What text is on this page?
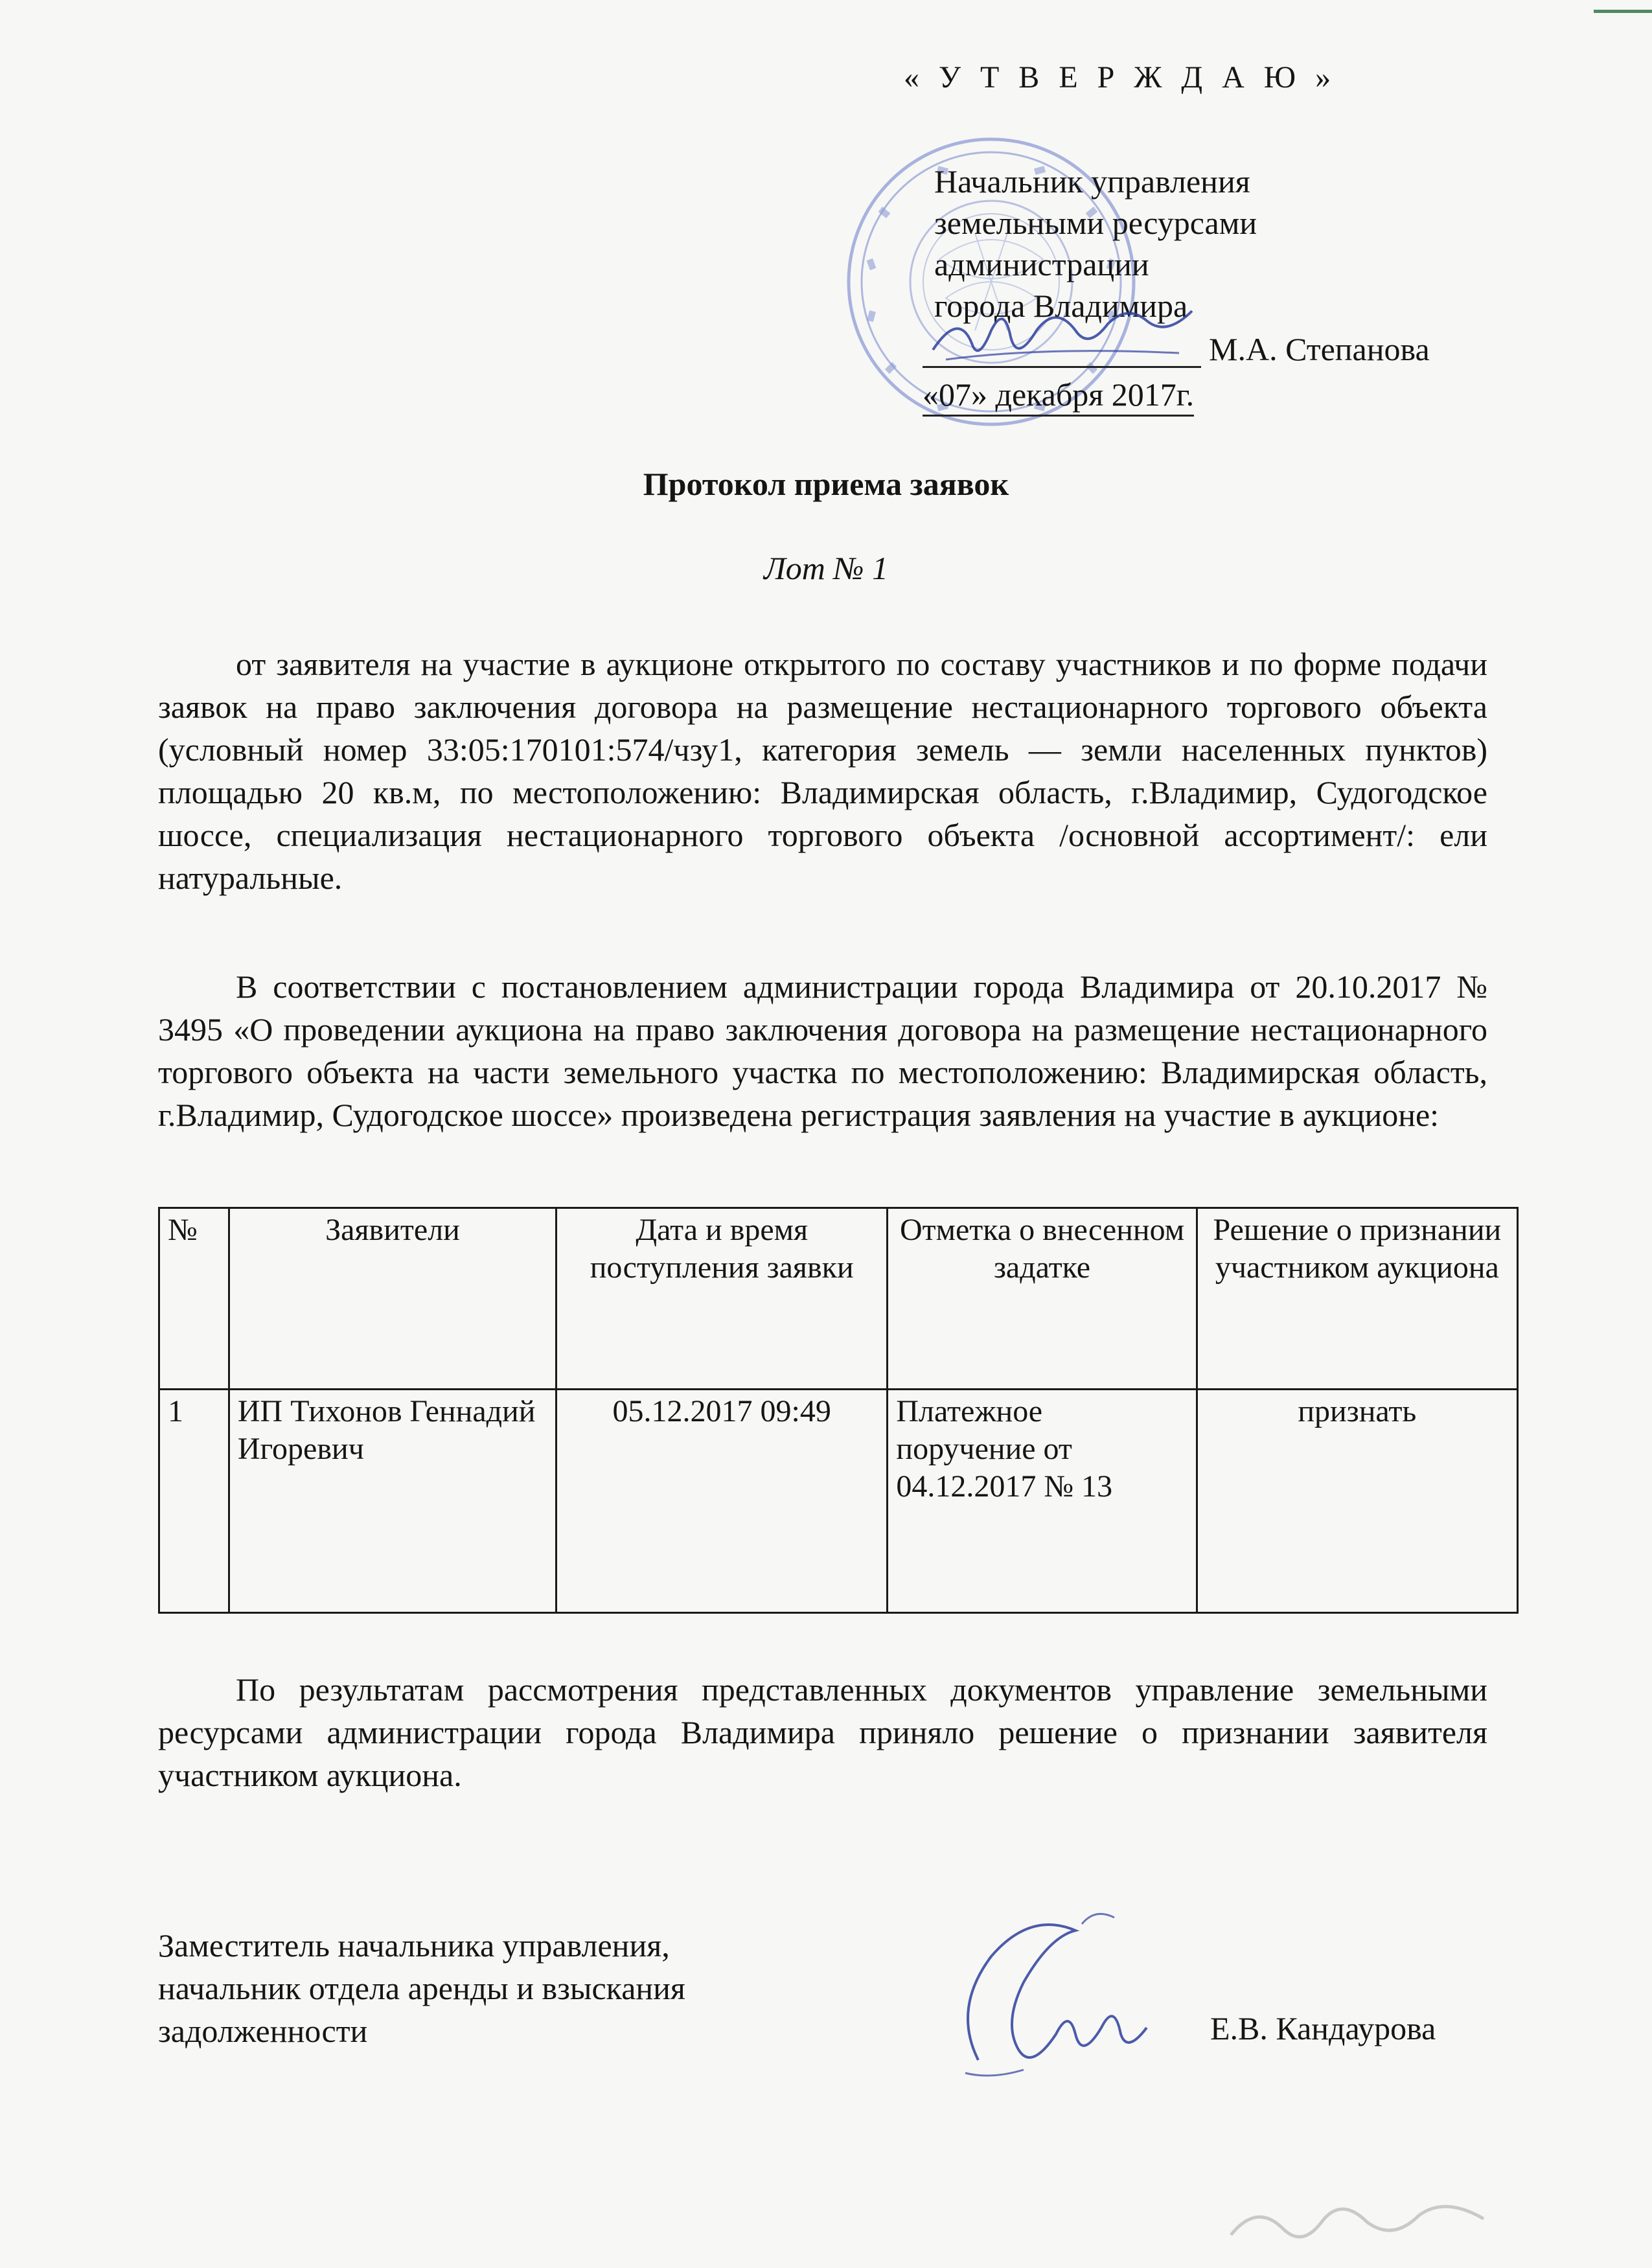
« У Т В Е Р Ж Д А Ю »
Начальник управления
земельными ресурсами
администрации
города Владимира
М.А. Степанова
«07» декабря 2017г.
Протокол приема заявок
Лот № 1
от заявителя на участие в аукционе открытого по составу участников и по форме подачи заявок на право заключения договора на размещение нестационарного торгового объекта (условный номер 33:05:170101:574/чзу1, категория земель — земли населенных пунктов) площадью 20 кв.м, по местоположению: Владимирская область, г.Владимир, Судогодское шоссе, специализация нестационарного торгового объекта /основной ассортимент/: ели натуральные.
В соответствии с постановлением администрации города Владимира от 20.10.2017 № 3495 «О проведении аукциона на право заключения договора на размещение нестационарного торгового объекта на части земельного участка по местоположению: Владимирская область, г.Владимир, Судогодское шоссе» произведена регистрация заявления на участие в аукционе:
№	Заявители	Дата и время поступления заявки	Отметка о внесенном задатке	Решение о признании участником аукциона
1	ИП Тихонов Геннадий Игоревич	05.12.2017 09:49	Платежное поручение от 04.12.2017 № 13	признать
По результатам рассмотрения представленных документов управление земельными ресурсами администрации города Владимира приняло решение о признании заявителя участником аукциона.
Заместитель начальника управления,
начальник отдела аренды и взыскания
задолженности	Е.В. Кандаурова
